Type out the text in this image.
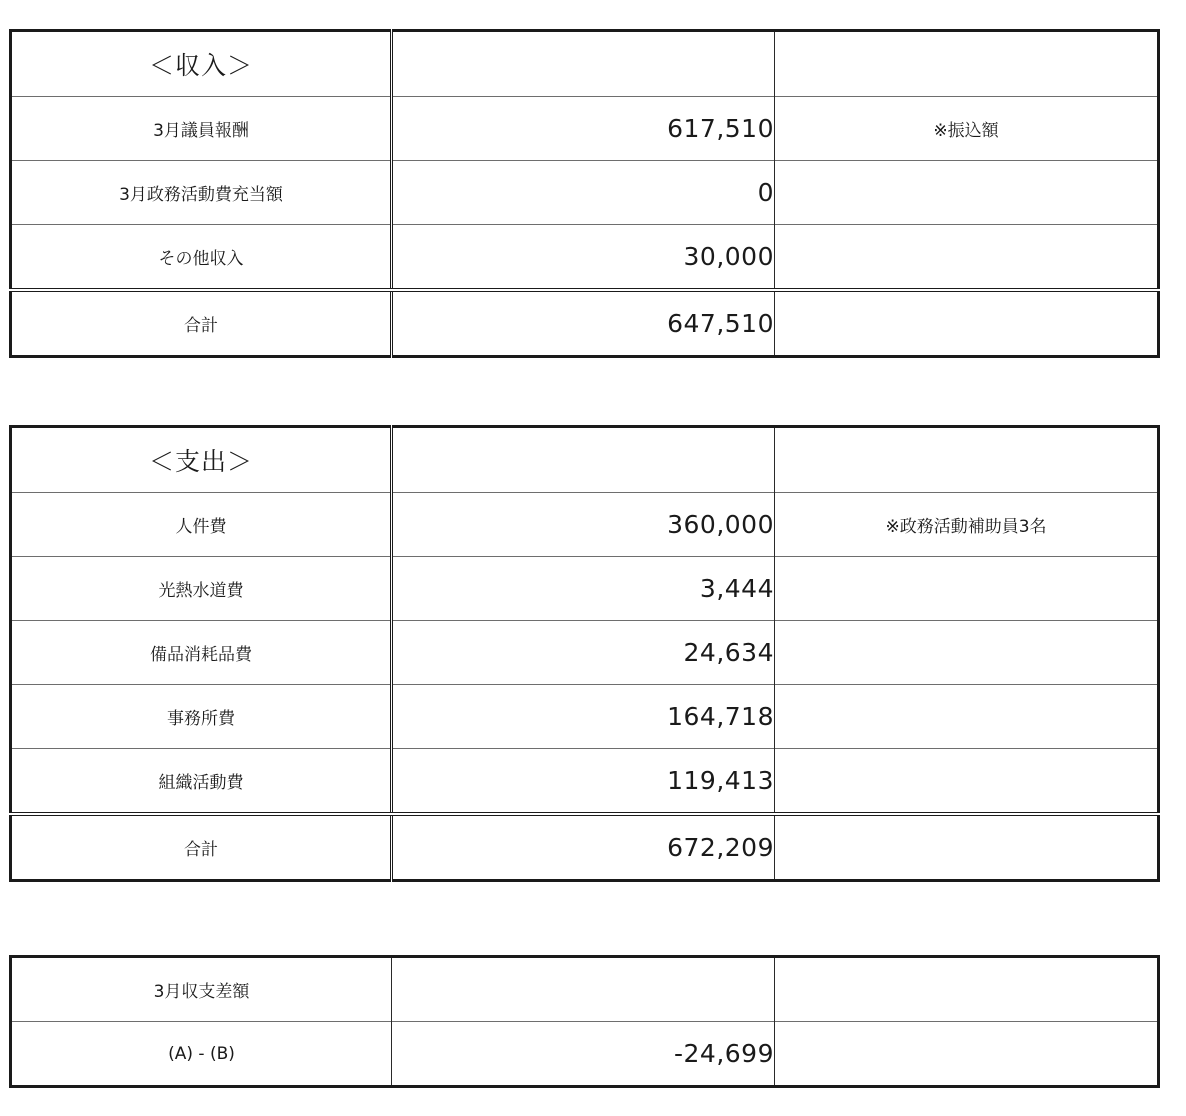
＜収入＞		
3月議員報酬	617,510	※振込額
3月政務活動費充当額	0	
その他収入	30,000	
合計	647,510	
＜支出＞		
人件費	360,000	※政務活動補助員3名
光熱水道費	3,444	
備品消耗品費	24,634	
事務所費	164,718	
組織活動費	119,413	
合計	672,209	
3月収支差額		
(A) - (B)	-24,699	
